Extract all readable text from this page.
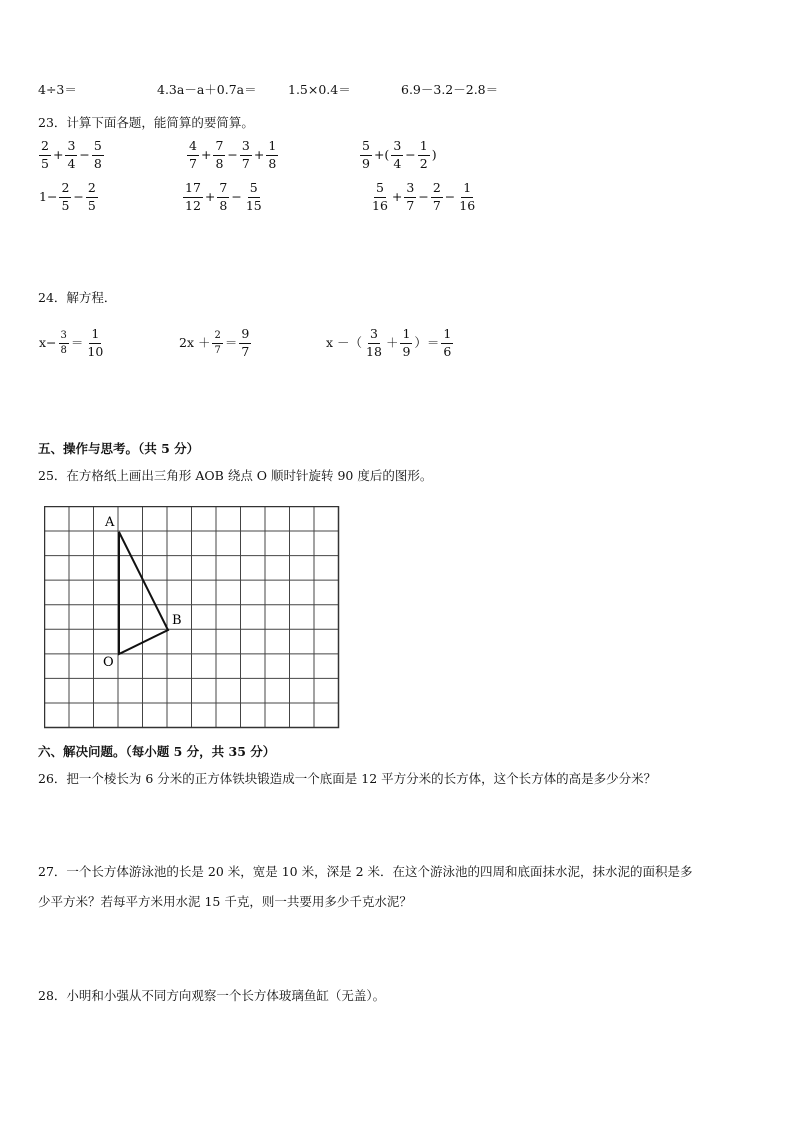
4÷3＝	4.3a－a＋0.7a＝	1.5×0.4＝	6.9－3.2－2.8＝
23．计算下面各题，能简算的要简算。
$\frac{2}{5} + \frac{3}{4} - \frac{5}{8}$	$\frac{4}{7} + \frac{7}{8} - \frac{3}{7} + \frac{1}{8}$	$\frac{5}{9}$ +( $\frac{3}{4} - \frac{1}{2}$ )
$1- \frac{2}{5} - \frac{2}{5}$	$\frac{17}{12} + \frac{7}{8} - \frac{5}{15}$	$\frac{5}{16} + \frac{3}{7} - \frac{2}{7} - \frac{1}{16}$
24．解方程．
$x- \frac{3}{8} = \frac{1}{10}$	$2x + \frac{2}{7} = \frac{9}{7}$	x －（ $\frac{3}{18} + \frac{1}{9}$ ）＝ $\frac{1}{6}$
五、操作与思考。（共 5 分）
25．在方格纸上画出三角形 AOB 绕点 O 顺时针旋转 90 度后的图形。
A
B
O
六、解决问题。（每小题 5 分，共 35 分）
26．把一个棱长为 6 分米的正方体铁块锻造成一个底面是 12 平方分米的长方体，这个长方体的高是多少分米？
27．一个长方体游泳池的长是 20 米，宽是 10 米，深是 2 米．在这个游泳池的四周和底面抹水泥，抹水泥的面积是多
少平方米？若每平方米用水泥 15 千克，则一共要用多少千克水泥？
28．小明和小强从不同方向观察一个长方体玻璃鱼缸（无盖）。
